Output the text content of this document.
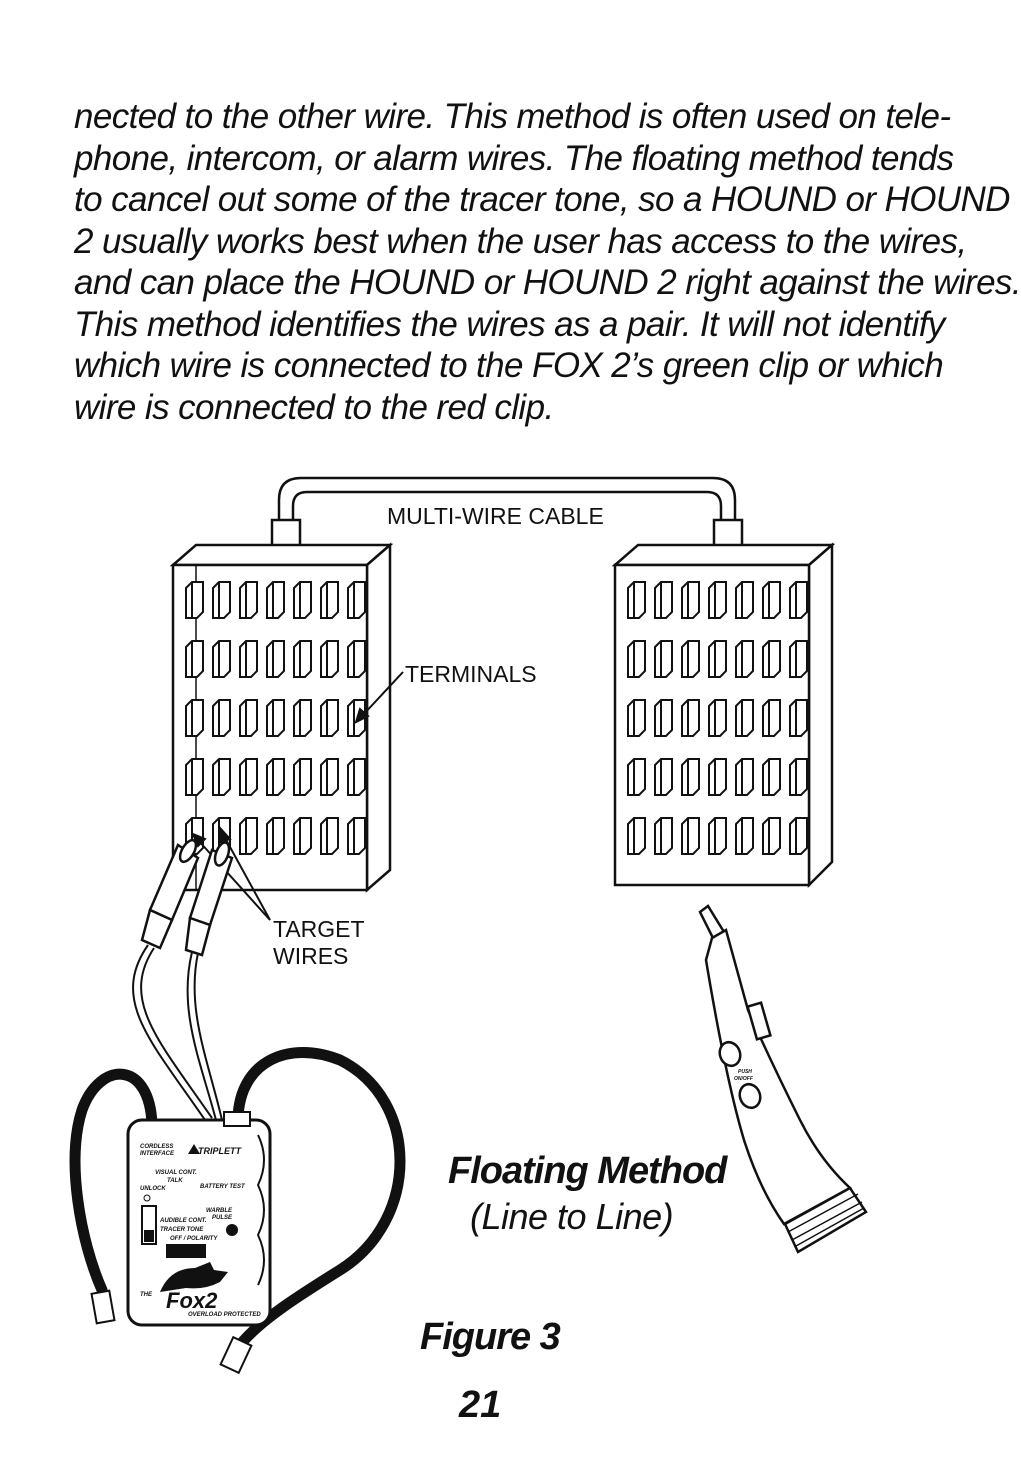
nected to the other wire. This method is often used on tele-
phone, intercom, or alarm wires. The floating method tends
to cancel out some of the tracer tone, so a HOUND or HOUND
2 usually works best when the user has access to the wires,
and can place the HOUND or HOUND 2 right against the wires.
This method identifies the wires as a pair. It will not identify
which wire is connected to the FOX 2’s green clip or which
wire is connected to the red clip.
MULTI-WIRE CABLE
TERMINALS
TARGET
WIRES
CORDLESS
INTERFACE	TRIPLETT
VISUAL CONT.
TALK
UNLOCK	BATTERY TEST
WARBLE
PULSE
AUDIBLE CONT.
TRACER TONE
OFF / POLARITY
THE Fox2
OVERLOAD PROTECTED
PUSH
ON/OFF
Floating Method
(Line to Line)
Figure 3
21
